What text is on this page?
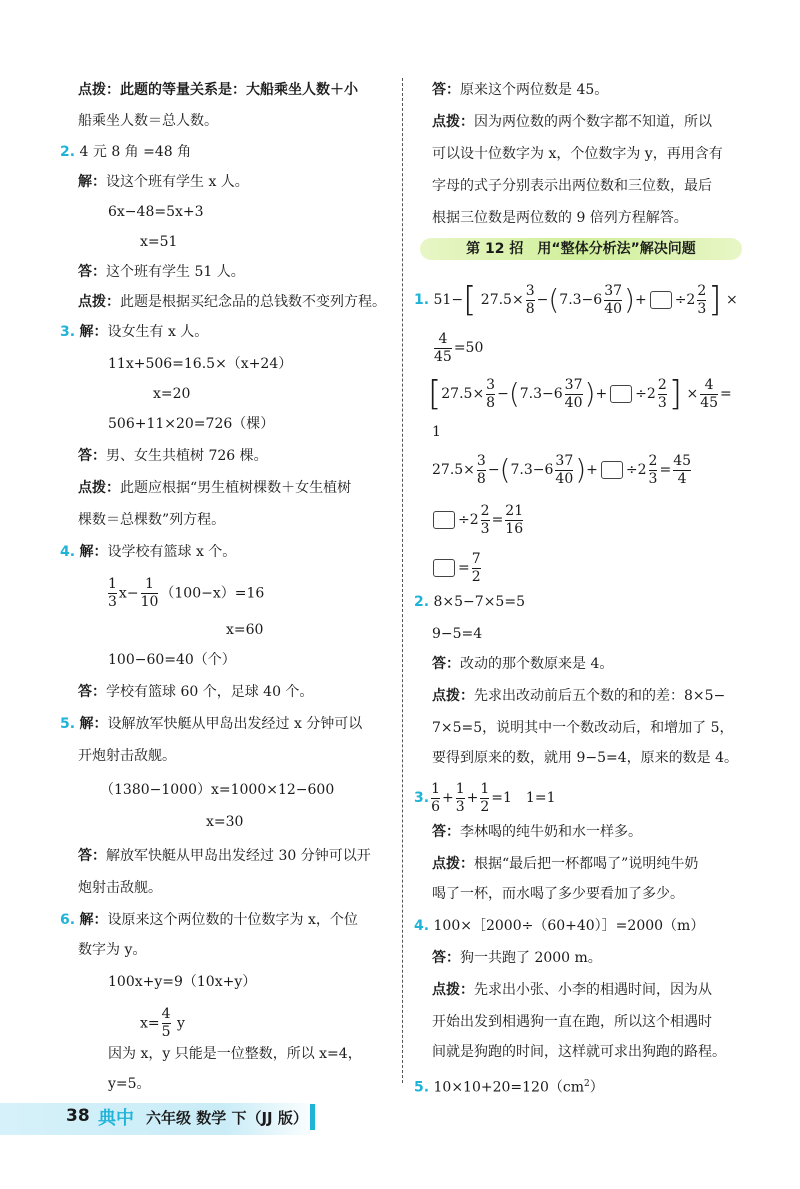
点拨：此题的等量关系是：大船乘坐人数＋小
船乘坐人数＝总人数。
2. 4 元 8 角 =48 角
解：设这个班有学生 x 人。
6x−48=5x+3
x=51
答：这个班有学生 51 人。
点拨：此题是根据买纪念品的总钱数不变列方程。
3. 解：设女生有 x 人。
11x+506=16.5×（x+24）
x=20
506+11×20=726（棵）
答：男、女生共植树 726 棵。
点拨：此题应根据“男生植树棵数＋女生植树
棵数＝总棵数”列方程。
4. 解：设学校有篮球 x 个。
$\frac{1}{3} x- \frac{1}{10} (100-x)=16$
x=60
100−60=40（个）
答：学校有篮球 60 个，足球 40 个。
5. 解：设解放军快艇从甲岛出发经过 x 分钟可以
开炮射击敌舰。
（1380−1000）x=1000×12−600
x=30
答：解放军快艇从甲岛出发经过 30 分钟可以开
炮射击敌舰。
6. 解：设原来这个两位数的十位数字为 x，个位
数字为 y。
100x+y=9（10x+y）
$x= \frac{4}{5}$ y
因为 x，y 只能是一位整数，所以 x=4，
y=5。
答：原来这个两位数是 45。
点拨：因为两位数的两个数字都不知道，所以
可以设十位数字为 x，个位数字为 y，再用含有
字母的式子分别表示出两位数和三位数，最后
根据三位数是两位数的 9 倍列方程解答。
第 12 招　用“整体分析法”解决问题
1. 51−[ $27.5\times \frac{3}{8} -(7.3-6 \frac{37}{40}$ )+ $\div 2 \frac{2}{3}$ ] ×
$\frac{4}{45} =50$
[$27.5\times \frac{3}{8} -(7.3-6 \frac{37}{40}$ )+ $\div 2 \frac{2}{3}$ ] × $\frac{4}{45}$ =
1
$27.5\times \frac{3}{8} -(7.3-6 \frac{37}{40}$ )+ $\div 2 \frac{2}{3} = \frac{45}{4}$
$\div 2 \frac{2}{3} = \frac{21}{16}$
= $\frac{7}{2}$
2. 8×5−7×5=5
9−5=4
答：改动的那个数原来是 4。
点拨：先求出改动前后五个数的和的差：8×5−
7×5=5，说明其中一个数改动后，和增加了 5，
要得到原来的数，就用 9−5=4，原来的数是 4。
3. $\frac{1}{6} + \frac{1}{3} + \frac{1}{2} =1$　1=1
答：李林喝的纯牛奶和水一样多。
点拨：根据“最后把一杯都喝了”说明纯牛奶
喝了一杯，而水喝了多少要看加了多少。
4. 100×［2000÷（60+40）］=2000（m）
答：狗一共跑了 2000 m。
点拨：先求出小张、小李的相遇时间，因为从
开始出发到相遇狗一直在跑，所以这个相遇时
间就是狗跑的时间，这样就可求出狗跑的路程。
5. $10\times 10+20=120(cm^2)$
38 典中 六年级 数学 下（JJ 版）
